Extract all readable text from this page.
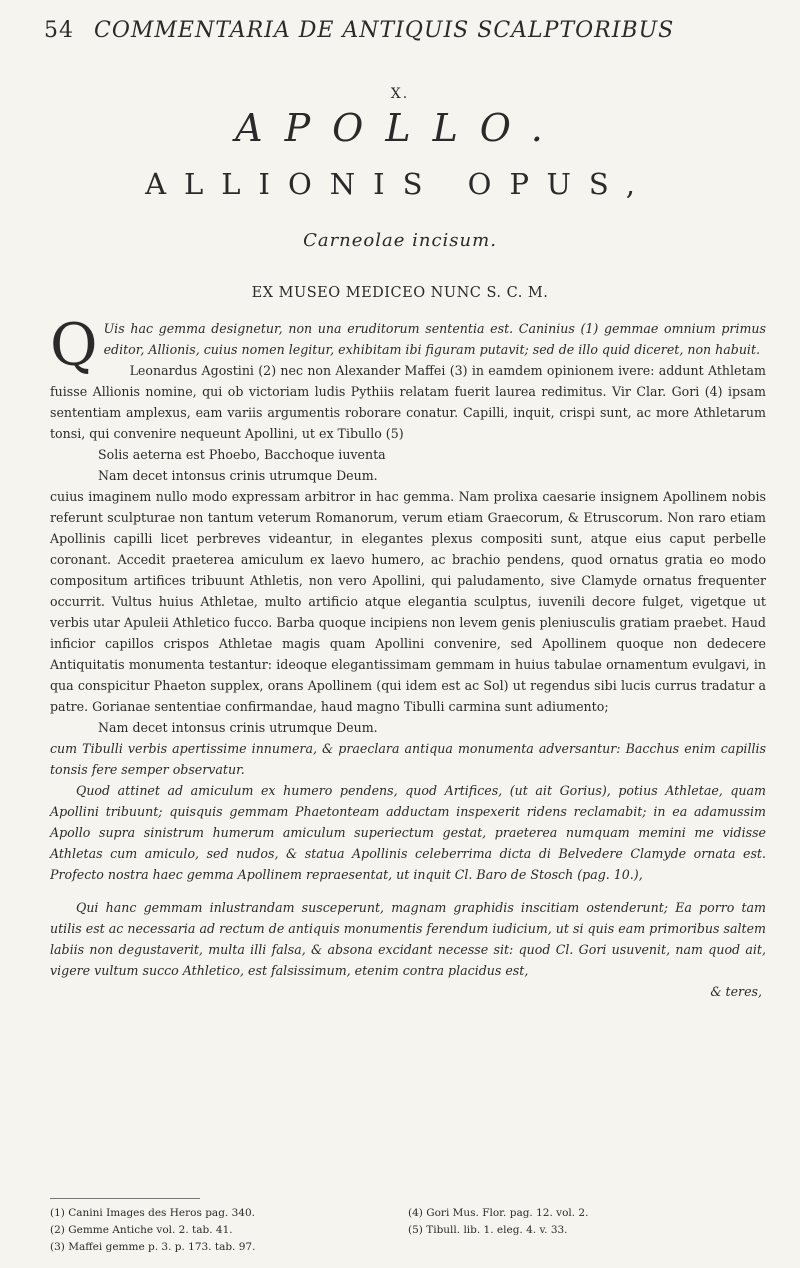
54 COMMENTARIA DE ANTIQUIS SCALPTORIBUS
X.
APOLLO.
ALLIONIS OPUS,
Carneolae incisum.
EX MUSEO MEDICEO NUNC S. C. M.

Q Uis hac gemma designetur, non una eruditorum sententia est. Caninius (1) gemmae omnium primus editor, Allionis, cuius nomen legitur, exhibitam ibi figuram putavit; sed de illo quid diceret, non habuit.

Leonardus Agostini (2) nec non Alexander Maffei (3) in eamdem opinionem ivere: addunt Athletam fuisse Allionis nomine, qui ob victoriam ludis Pythiis relatam fuerit laurea redimitus. Vir Clar. Gori (4) ipsam sententiam amplexus, eam variis argumentis roborare conatur. Capilli, inquit, crispi sunt, ac more Athletarum tonsi, qui convenire nequeunt Apollini, ut ex Tibullo (5)

Solis aeterna est Phoebo, Bacchoque iuventa

Nam decet intonsus crinis utrumque Deum.

cuius imaginem nullo modo expressam arbitror in hac gemma. Nam prolixa caesarie insignem Apollinem nobis referunt sculpturae non tantum veterum Romanorum, verum etiam Graecorum, & Etruscorum. Non raro etiam Apollinis capilli licet perbreves videantur, in elegantes plexus compositi sunt, atque eius caput perbelle coronant. Accedit praeterea amiculum ex laevo humero, ac brachio pendens, quod ornatus gratia eo modo compositum artifices tribuunt Athletis, non vero Apollini, qui paludamento, sive Clamyde ornatus frequenter occurrit. Vultus huius Athletae, multo artificio atque elegantia sculptus, iuvenili decore fulget, vigetque ut verbis utar Apuleii Athletico fucco. Barba quoque incipiens non levem genis pleniusculis gratiam praebet. Haud inficior capillos crispos Athletae magis quam Apollini convenire, sed Apollinem quoque non dedecere Antiquitatis monumenta testantur: ideoque elegantissimam gemmam in huius tabulae ornamentum evulgavi, in qua conspicitur Phaeton supplex, orans Apollinem (qui idem est ac Sol) ut regendus sibi lucis currus tradatur a patre. Gorianae sententiae confirmandae, haud magno Tibulli carmina sunt adiumento;

Nam decet intonsus crinis utrumque Deum.

cum Tibulli verbis apertissime innumera, & praeclara antiqua monumenta adversantur: Bacchus enim capillis tonsis fere semper observatur.

Quod attinet ad amiculum ex humero pendens, quod Artifices, (ut ait Gorius), potius Athletae, quam Apollini tribuunt; quisquis gemmam Phaetonteam adductam inspexerit ridens reclamabit; in ea adamussim Apollo supra sinistrum humerum amiculum superiectum gestat, praeterea numquam memini me vidisse Athletas cum amiculo, sed nudos, & statua Apollinis celeberrima dicta di Belvedere Clamyde ornata est. Profecto nostra haec gemma Apollinem repraesentat, ut inquit Cl. Baro de Stosch (pag. 10.),

Qui hanc gemmam inlustrandam susceperunt, magnam graphidis inscitiam ostenderunt; Ea porro tam utilis est ac necessaria ad rectum de antiquis monumentis ferendum iudicium, ut si quis eam primoribus saltem labiis non degustaverit, multa illi falsa, & absona excidant necesse sit: quod Cl. Gori usuvenit, nam quod ait, vigere vultum succo Athletico, est falsissimum, etenim contra placidus est,

& teres,

(1) Canini Images des Heros pag. 340.
(2) Gemme Antiche vol. 2. tab. 41.
(3) Maffei gemme p. 3. p. 173. tab. 97.
(4) Gori Mus. Flor. pag. 12. vol. 2.
(5) Tibull. lib. 1. eleg. 4. v. 33.
